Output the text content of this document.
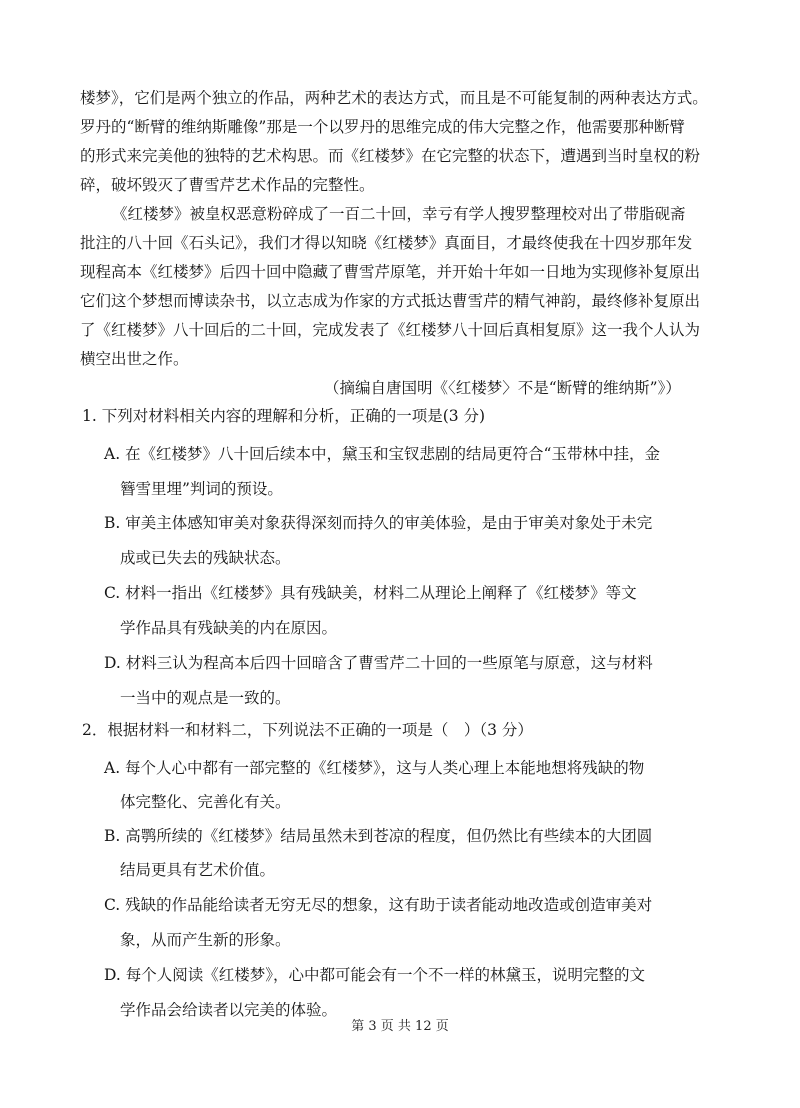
楼梦》，它们是两个独立的作品，两种艺术的表达方式，而且是不可能复制的两种表达方式。
罗丹的“断臂的维纳斯雕像”那是一个以罗丹的思维完成的伟大完整之作，他需要那种断臂
的形式来完美他的独特的艺术构思。而《红楼梦》在它完整的状态下，遭遇到当时皇权的粉
碎，破坏毁灭了曹雪芹艺术作品的完整性。
《红楼梦》被皇权恶意粉碎成了一百二十回，幸亏有学人搜罗整理校对出了带脂砚斋
批注的八十回《石头记》，我们才得以知晓《红楼梦》真面目，才最终使我在十四岁那年发
现程高本《红楼梦》后四十回中隐藏了曹雪芹原笔，并开始十年如一日地为实现修补复原出
它们这个梦想而博读杂书，以立志成为作家的方式抵达曹雪芹的精气神韵，最终修补复原出
了《红楼梦》八十回后的二十回，完成发表了《红楼梦八十回后真相复原》这一我个人认为
横空出世之作。
（摘编自唐国明《〈红楼梦〉不是“断臂的维纳斯”》）
1. 下列对材料相关内容的理解和分析，正确的一项是(3 分)
A. 在《红楼梦》八十回后续本中，黛玉和宝钗悲剧的结局更符合“玉带林中挂，金
簪雪里埋”判词的预设。
B. 审美主体感知审美对象获得深刻而持久的审美体验，是由于审美对象处于未完
成或已失去的残缺状态。
C. 材料一指出《红楼梦》具有残缺美，材料二从理论上阐释了《红楼梦》等文
学作品具有残缺美的内在原因。
D. 材料三认为程高本后四十回暗含了曹雪芹二十回的一些原笔与原意，这与材料
一当中的观点是一致的。
2．根据材料一和材料二，下列说法不正确的一项是（　）（3 分）
A. 每个人心中都有一部完整的《红楼梦》，这与人类心理上本能地想将残缺的物
体完整化、完善化有关。
B. 高鹗所续的《红楼梦》结局虽然未到苍凉的程度，但仍然比有些续本的大团圆
结局更具有艺术价值。
C. 残缺的作品能给读者无穷无尽的想象，这有助于读者能动地改造或创造审美对
象，从而产生新的形象。
D. 每个人阅读《红楼梦》，心中都可能会有一个不一样的林黛玉，说明完整的文
学作品会给读者以完美的体验。
第 3 页 共 12 页
